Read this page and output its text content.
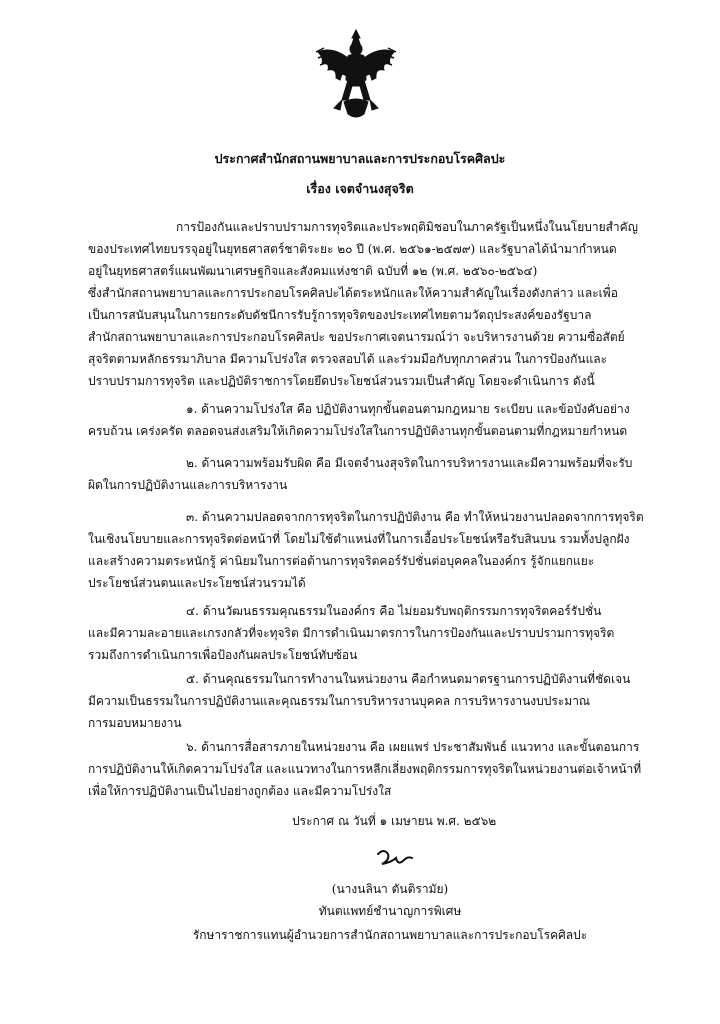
ประกาศสำนักสถานพยาบาลและการประกอบโรคศิลปะ
เรื่อง เจตจำนงสุจริต
การป้องกันและปราบปรามการทุจริตและประพฤติมิชอบในภาครัฐเป็นหนึ่งในนโยบายสำคัญ
ของประเทศไทยบรรจุอยู่ในยุทธศาสตร์ชาติระยะ ๒๐ ปี (พ.ศ. ๒๕๖๑-๒๕๗๙) และรัฐบาลได้นำมากำหนด
อยู่ในยุทธศาสตร์แผนพัฒนาเศรษฐกิจและสังคมแห่งชาติ ฉบับที่ ๑๒ (พ.ศ. ๒๕๖๐-๒๕๖๔)
ซึ่งสำนักสถานพยาบาลและการประกอบโรคศิลปะได้ตระหนักและให้ความสำคัญในเรื่องดังกล่าว และเพื่อ
เป็นการสนับสนุนในการยกระดับดัชนีการรับรู้การทุจริตของประเทศไทยตามวัตถุประสงค์ของรัฐบาล
สำนักสถานพยาบาลและการประกอบโรคศิลปะ ขอประกาศเจตนารมณ์ว่า จะบริหารงานด้วย ความซื่อสัตย์
สุจริตตามหลักธรรมาภิบาล มีความโปร่งใส ตรวจสอบได้ และร่วมมือกับทุกภาคส่วน ในการป้องกันและ
ปราบปรามการทุจริต และปฏิบัติราชการโดยยึดประโยชน์ส่วนรวมเป็นสำคัญ โดยจะดำเนินการ ดังนี้
๑. ด้านความโปร่งใส คือ ปฏิบัติงานทุกขั้นตอนตามกฎหมาย ระเบียบ และข้อบังคับอย่าง
ครบถ้วน เคร่งครัด ตลอดจนส่งเสริมให้เกิดความโปร่งใสในการปฏิบัติงานทุกขั้นตอนตามที่กฎหมายกำหนด
๒. ด้านความพร้อมรับผิด คือ มีเจตจำนงสุจริตในการบริหารงานและมีความพร้อมที่จะรับ
ผิดในการปฏิบัติงานและการบริหารงาน
๓. ด้านความปลอดจากการทุจริตในการปฏิบัติงาน คือ ทำให้หน่วยงานปลอดจากการทุจริต
ในเชิงนโยบายและการทุจริตต่อหน้าที่ โดยไม่ใช้ตำแหน่งที่ในการเอื้อประโยชน์หรือรับสินบน รวมทั้งปลูกฝัง
และสร้างความตระหนักรู้ ค่านิยมในการต่อต้านการทุจริตคอร์รัปชั่นต่อบุคคลในองค์กร รู้จักแยกแยะ
ประโยชน์ส่วนตนและประโยชน์ส่วนรวมได้
๔. ด้านวัฒนธรรมคุณธรรมในองค์กร คือ ไม่ยอมรับพฤติกรรมการทุจริตคอร์รัปชั่น
และมีความละอายและเกรงกลัวที่จะทุจริต มีการดำเนินมาตรการในการป้องกันและปราบปรามการทุจริต
รวมถึงการดำเนินการเพื่อป้องกันผลประโยชน์ทับซ้อน
๕. ด้านคุณธรรมในการทำงานในหน่วยงาน คือกำหนดมาตรฐานการปฏิบัติงานที่ชัดเจน
มีความเป็นธรรมในการปฏิบัติงานและคุณธรรมในการบริหารงานบุคคล การบริหารงานงบประมาณ
การมอบหมายงาน
๖. ด้านการสื่อสารภายในหน่วยงาน คือ เผยแพร่ ประชาสัมพันธ์ แนวทาง และขั้นตอนการ
การปฏิบัติงานให้เกิดความโปร่งใส และแนวทางในการหลีกเลี่ยงพฤติกรรมการทุจริตในหน่วยงานต่อเจ้าหน้าที่
เพื่อให้การปฏิบัติงานเป็นไปอย่างถูกต้อง และมีความโปร่งใส
ประกาศ ณ วันที่ ๑ เมษายน พ.ศ. ๒๕๖๒
(นางนลินา ตันติรามัย)
ทันตแพทย์ชำนาญการพิเศษ
รักษาราชการแทนผู้อำนวยการสำนักสถานพยาบาลและการประกอบโรคศิลปะ
